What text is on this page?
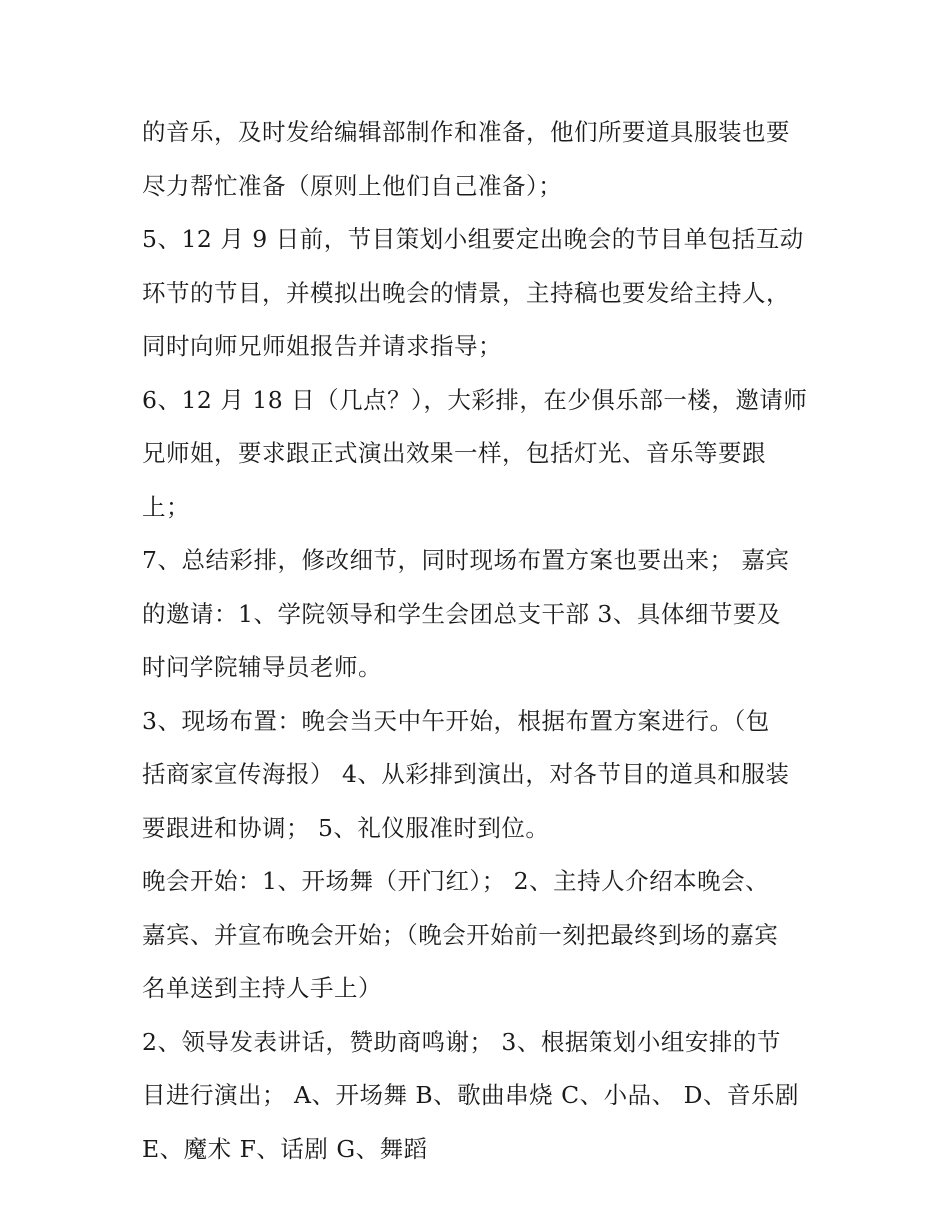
的音乐，及时发给编辑部制作和准备，他们所要道具服装也要
尽力帮忙准备（原则上他们自己准备）；
5、12 月 9 日前，节目策划小组要定出晚会的节目单包括互动
环节的节目，并模拟出晚会的情景，主持稿也要发给主持人，
同时向师兄师姐报告并请求指导；
6、12 月 18 日（几点？），大彩排，在少俱乐部一楼，邀请师
兄师姐，要求跟正式演出效果一样，包括灯光、音乐等要跟
上；
7、总结彩排，修改细节，同时现场布置方案也要出来； 嘉宾
的邀请：1、学院领导和学生会团总支干部 3、具体细节要及
时问学院辅导员老师。
3、现场布置：晚会当天中午开始，根据布置方案进行。（包
括商家宣传海报） 4、从彩排到演出，对各节目的道具和服装
要跟进和协调； 5、礼仪服准时到位。
晚会开始：1、开场舞（开门红）； 2、主持人介绍本晚会、
嘉宾、并宣布晚会开始；（晚会开始前一刻把最终到场的嘉宾
名单送到主持人手上）
2、领导发表讲话，赞助商鸣谢； 3、根据策划小组安排的节
目进行演出； A、开场舞 B、歌曲串烧 C、小品、 D、音乐剧
E、魔术 F、话剧 G、舞蹈
